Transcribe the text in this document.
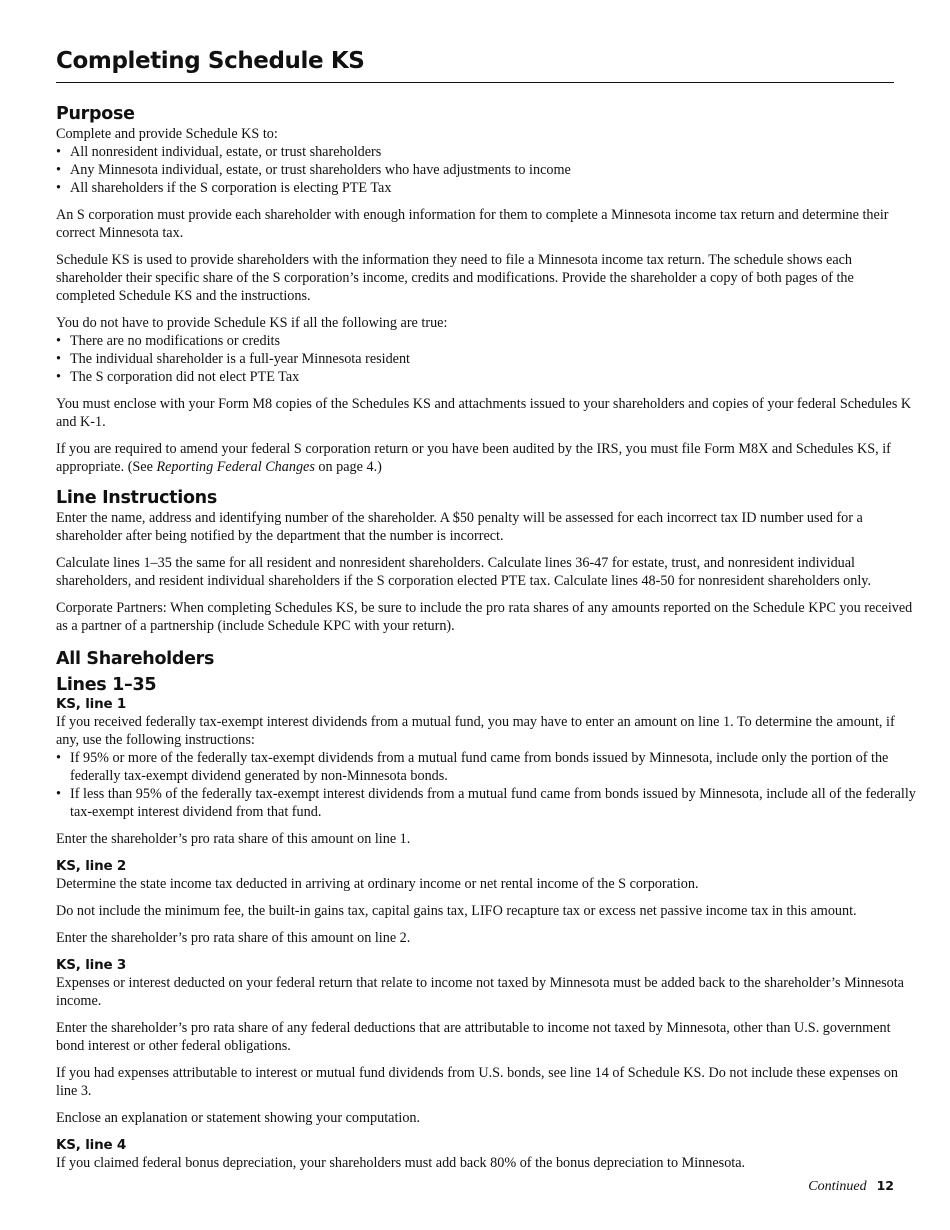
Completing Schedule KS
Purpose

Complete and provide Schedule KS to:

• All nonresident individual, estate, or trust shareholders
• Any Minnesota individual, estate, or trust shareholders who have adjustments to income
• All shareholders if the S corporation is electing PTE Tax

An S corporation must provide each shareholder with enough information for them to complete a Minnesota income tax return and determine their correct Minnesota tax.

Schedule KS is used to provide shareholders with the information they need to file a Minnesota income tax return. The schedule shows each shareholder their specific share of the S corporation’s income, credits and modifications. Provide the shareholder a copy of both pages of the completed Schedule KS and the instructions.

You do not have to provide Schedule KS if all the following are true:

• There are no modifications or credits
• The individual shareholder is a full-year Minnesota resident
• The S corporation did not elect PTE Tax

You must enclose with your Form M8 copies of the Schedules KS and attachments issued to your shareholders and copies of your federal Schedules K and K-1.

If you are required to amend your federal S corporation return or you have been audited by the IRS, you must file Form M8X and Schedules KS, if appropriate. (See Reporting Federal Changes on page 4.)

Line Instructions

Enter the name, address and identifying number of the shareholder. A $50 penalty will be assessed for each incorrect tax ID number used for a shareholder after being notified by the department that the number is incorrect.

Calculate lines 1–35 the same for all resident and nonresident shareholders. Calculate lines 36-47 for estate, trust, and nonresident individual shareholders, and resident individual shareholders if the S corporation elected PTE tax. Calculate lines 48-50 for nonresident shareholders only.

Corporate Partners: When completing Schedules KS, be sure to include the pro rata shares of any amounts reported on the Schedule KPC you received as a partner of a partnership (include Schedule KPC with your return).

All Shareholders
Lines 1–35
KS, line 1

If you received federally tax-exempt interest dividends from a mutual fund, you may have to enter an amount on line 1. To determine the amount, if any, use the following instructions:

• If 95% or more of the federally tax-exempt dividends from a mutual fund came from bonds issued by Minnesota, include only the portion of the federally tax-exempt dividend generated by non-Minnesota bonds.
• If less than 95% of the federally tax-exempt interest dividends from a mutual fund came from bonds issued by Minnesota, include all of the federally tax-exempt interest dividend from that fund.

Enter the shareholder’s pro rata share of this amount on line 1.

KS, line 2

Determine the state income tax deducted in arriving at ordinary income or net rental income of the S corporation.

Do not include the minimum fee, the built-in gains tax, capital gains tax, LIFO recapture tax or excess net passive income tax in this amount.

Enter the shareholder’s pro rata share of this amount on line 2.

KS, line 3

Expenses or interest deducted on your federal return that relate to income not taxed by Minnesota must be added back to the shareholder’s Minnesota income.

Enter the shareholder’s pro rata share of any federal deductions that are attributable to income not taxed by Minnesota, other than U.S. government bond interest or other federal obligations.

If you had expenses attributable to interest or mutual fund dividends from U.S. bonds, see line 14 of Schedule KS. Do not include these expenses on line 3.

Enclose an explanation or statement showing your computation.

KS, line 4

If you claimed federal bonus depreciation, your shareholders must add back 80% of the bonus depreciation to Minnesota.

Continued 12
